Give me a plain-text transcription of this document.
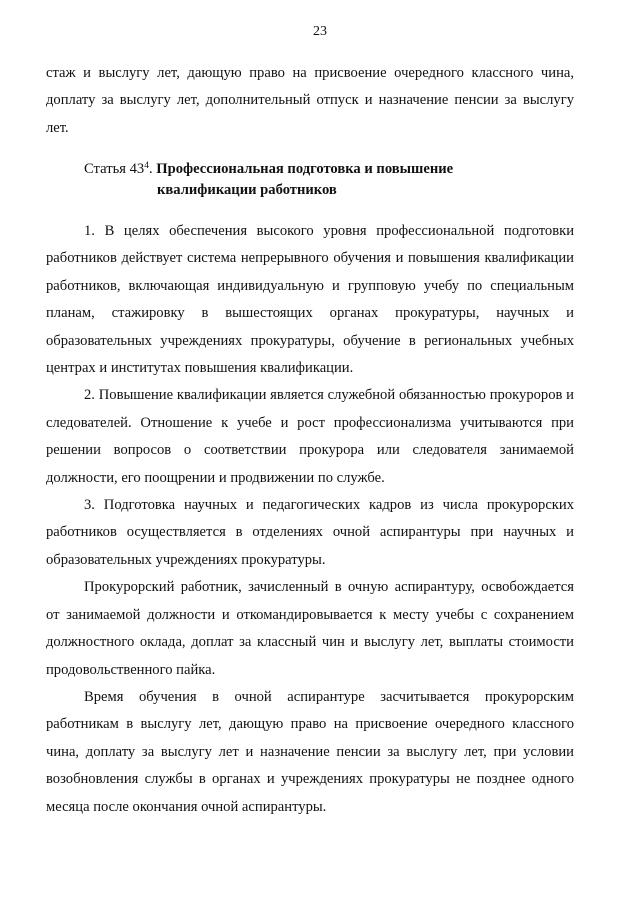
23

стаж и выслугу лет, дающую право на присвоение очередного классного чина, доплату за выслугу лет, дополнительный отпуск и назначение пенсии за выслугу лет.

Статья $43^4$. Профессиональная подготовка и повышение
квалификации работников

1. В целях обеспечения высокого уровня профессиональной подготовки работников действует система непрерывного обучения и повышения квалификации работников, включающая индивидуальную и групповую учебу по специальным планам, стажировку в вышестоящих органах прокуратуры, научных и образовательных учреждениях прокуратуры, обучение в региональных учебных центрах и институтах повышения квалификации.

2. Повышение квалификации является служебной обязанностью прокуроров и следователей. Отношение к учебе и рост профессионализма учитываются при решении вопросов о соответствии прокурора или следователя занимаемой должности, его поощрении и продвижении по службе.

3. Подготовка научных и педагогических кадров из числа прокурорских работников осуществляется в отделениях очной аспирантуры при научных и образовательных учреждениях прокуратуры.

Прокурорский работник, зачисленный в очную аспирантуру, освобождается от занимаемой должности и откомандировывается к месту учебы с сохранением должностного оклада, доплат за классный чин и выслугу лет, выплаты стоимости продовольственного пайка.

Время обучения в очной аспирантуре засчитывается прокурорским работникам в выслугу лет, дающую право на присвоение очередного классного чина, доплату за выслугу лет и назначение пенсии за выслугу лет, при условии возобновления службы в органах и учреждениях прокуратуры не позднее одного месяца после окончания очной аспирантуры.
